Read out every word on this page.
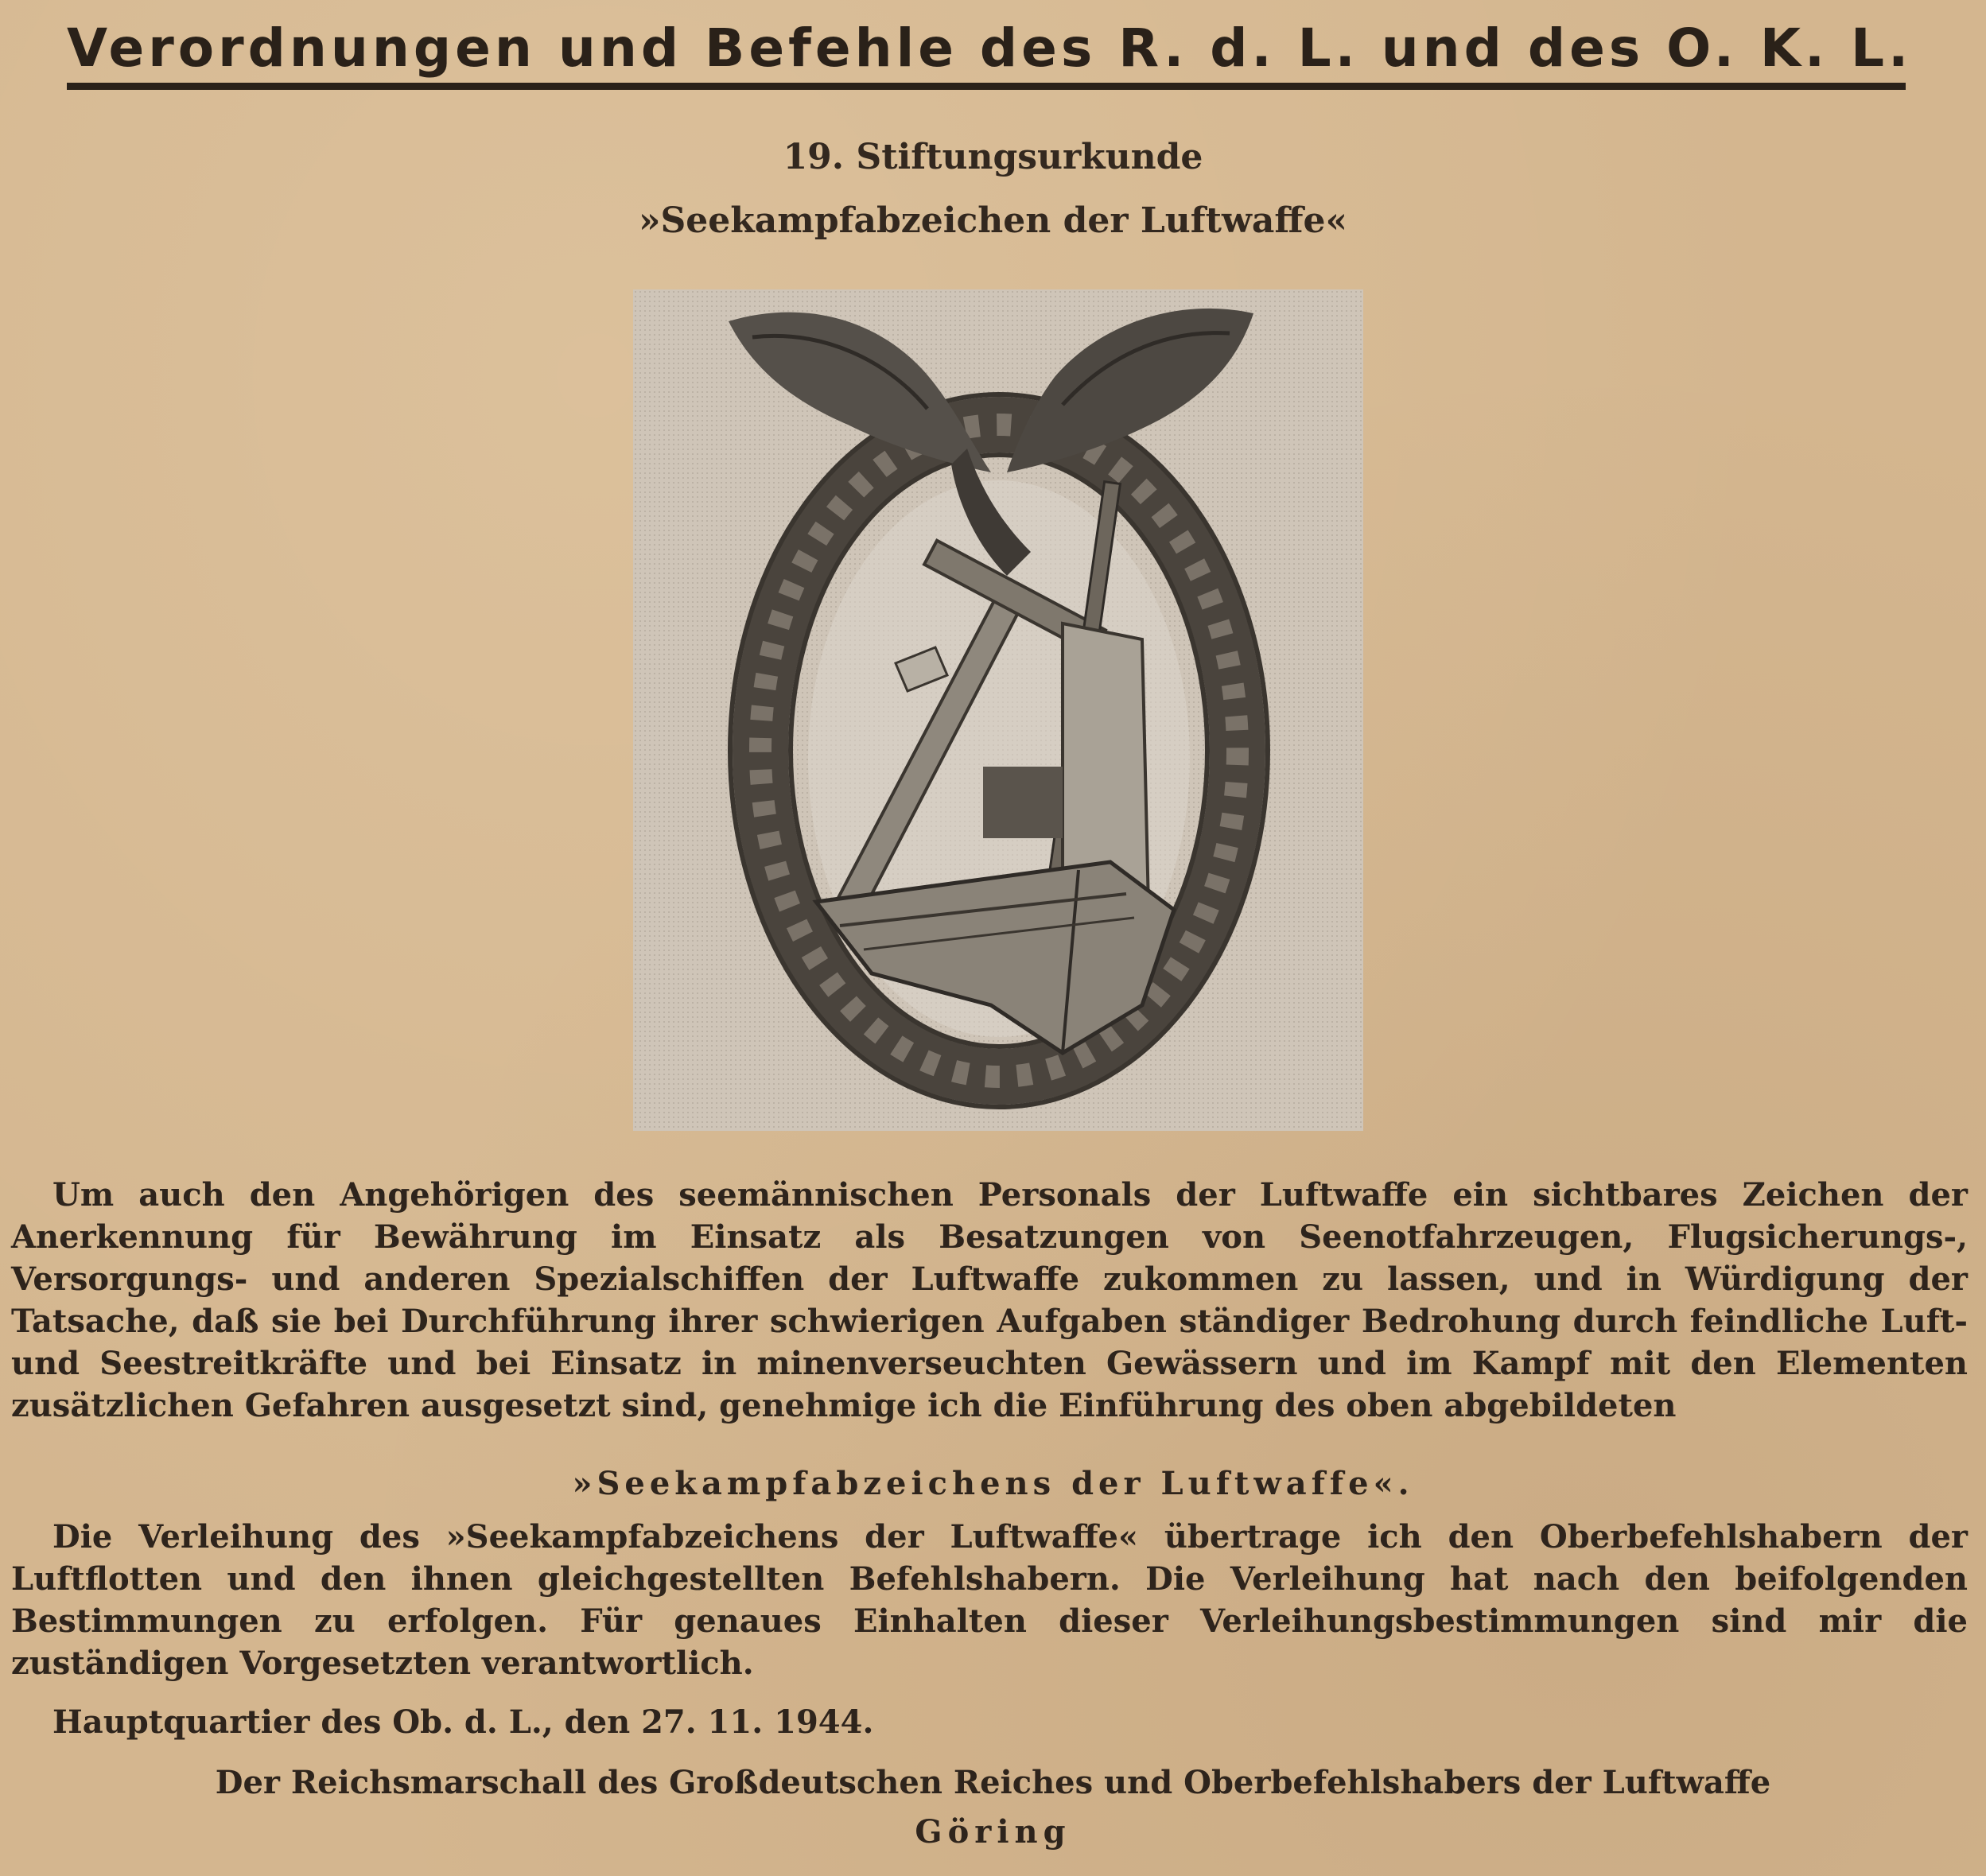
Verordnungen und Befehle des R. d. L. und des O. K. L.
19. Stiftungsurkunde
»Seekampfabzeichen der Luftwaffe«
Um auch den Angehörigen des seemännischen Personals der Luftwaffe ein sichtbares Zeichen der Anerkennung für Bewährung im Einsatz als Besatzungen von Seenotfahrzeugen, Flugsicherungs-, Versorgungs- und anderen Spezialschiffen der Luftwaffe zukommen zu lassen, und in Würdigung der Tatsache, daß sie bei Durchführung ihrer schwierigen Aufgaben ständiger Bedrohung durch feindliche Luft- und Seestreitkräfte und bei Einsatz in minenverseuchten Gewässern und im Kampf mit den Elementen zusätzlichen Gefahren ausgesetzt sind, genehmige ich die Einführung des oben abgebildeten
»Seekampfabzeichens der Luftwaffe«.
Die Verleihung des »Seekampfabzeichens der Luftwaffe« übertrage ich den Oberbefehlshabern der Luftflotten und den ihnen gleichgestellten Befehlshabern. Die Verleihung hat nach den beifolgenden Bestimmungen zu erfolgen. Für genaues Einhalten dieser Verleihungsbestimmungen sind mir die zuständigen Vorgesetzten verantwortlich.
Hauptquartier des Ob. d. L., den 27. 11. 1944.
Der Reichsmarschall des Großdeutschen Reiches und Oberbefehlshabers der Luftwaffe
Göring
